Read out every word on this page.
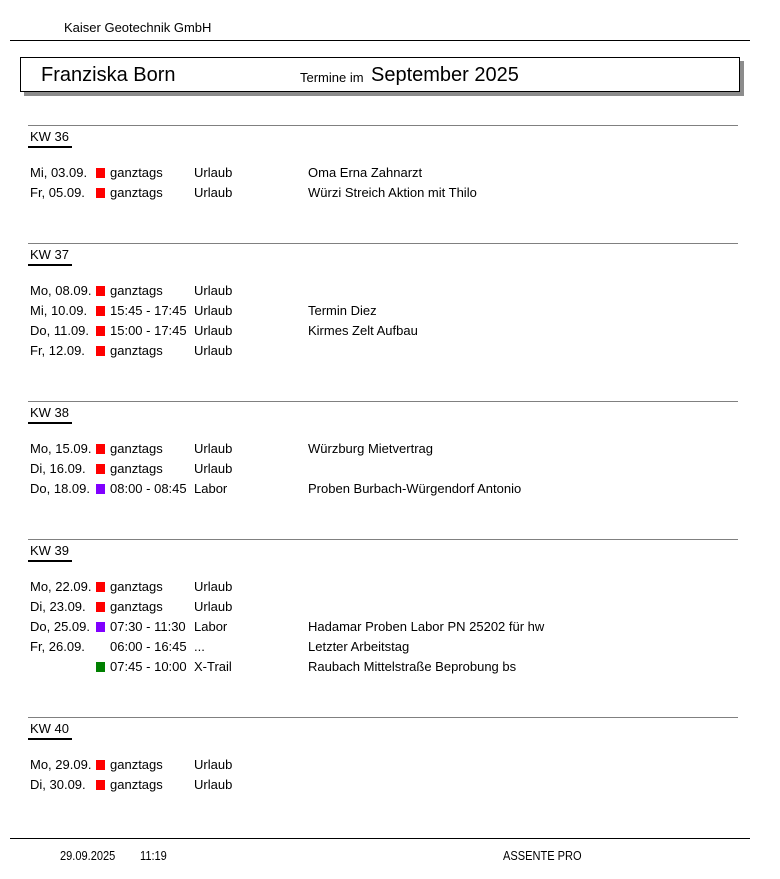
Kaiser Geotechnik GmbH
Franziska Born	Termine im September 2025
KW 36
Mi, 03.09. ganztags Urlaub	Oma Erna Zahnarzt
Fr, 05.09. ganztags Urlaub	Würzi Streich Aktion mit Thilo
KW 37
Mo, 08.09. ganztags Urlaub
Mi, 10.09. 15:45 - 17:45 Urlaub	Termin Diez
Do, 11.09. 15:00 - 17:45 Urlaub	Kirmes Zelt Aufbau
Fr, 12.09. ganztags Urlaub
KW 38
Mo, 15.09. ganztags Urlaub	Würzburg Mietvertrag
Di, 16.09. ganztags Urlaub
Do, 18.09. 08:00 - 08:45 Labor	Proben Burbach-Würgendorf Antonio
KW 39
Mo, 22.09. ganztags Urlaub
Di, 23.09. ganztags Urlaub
Do, 25.09. 07:30 - 11:30 Labor	Hadamar Proben Labor PN 25202 für hw
Fr, 26.09. 06:00 - 16:45 ...	Letzter Arbeitstag
07:45 - 10:00 X-Trail	Raubach Mittelstraße Beprobung bs
KW 40
Mo, 29.09. ganztags Urlaub
Di, 30.09. ganztags Urlaub
29.09.2025 11:19	ASSENTE PRO
